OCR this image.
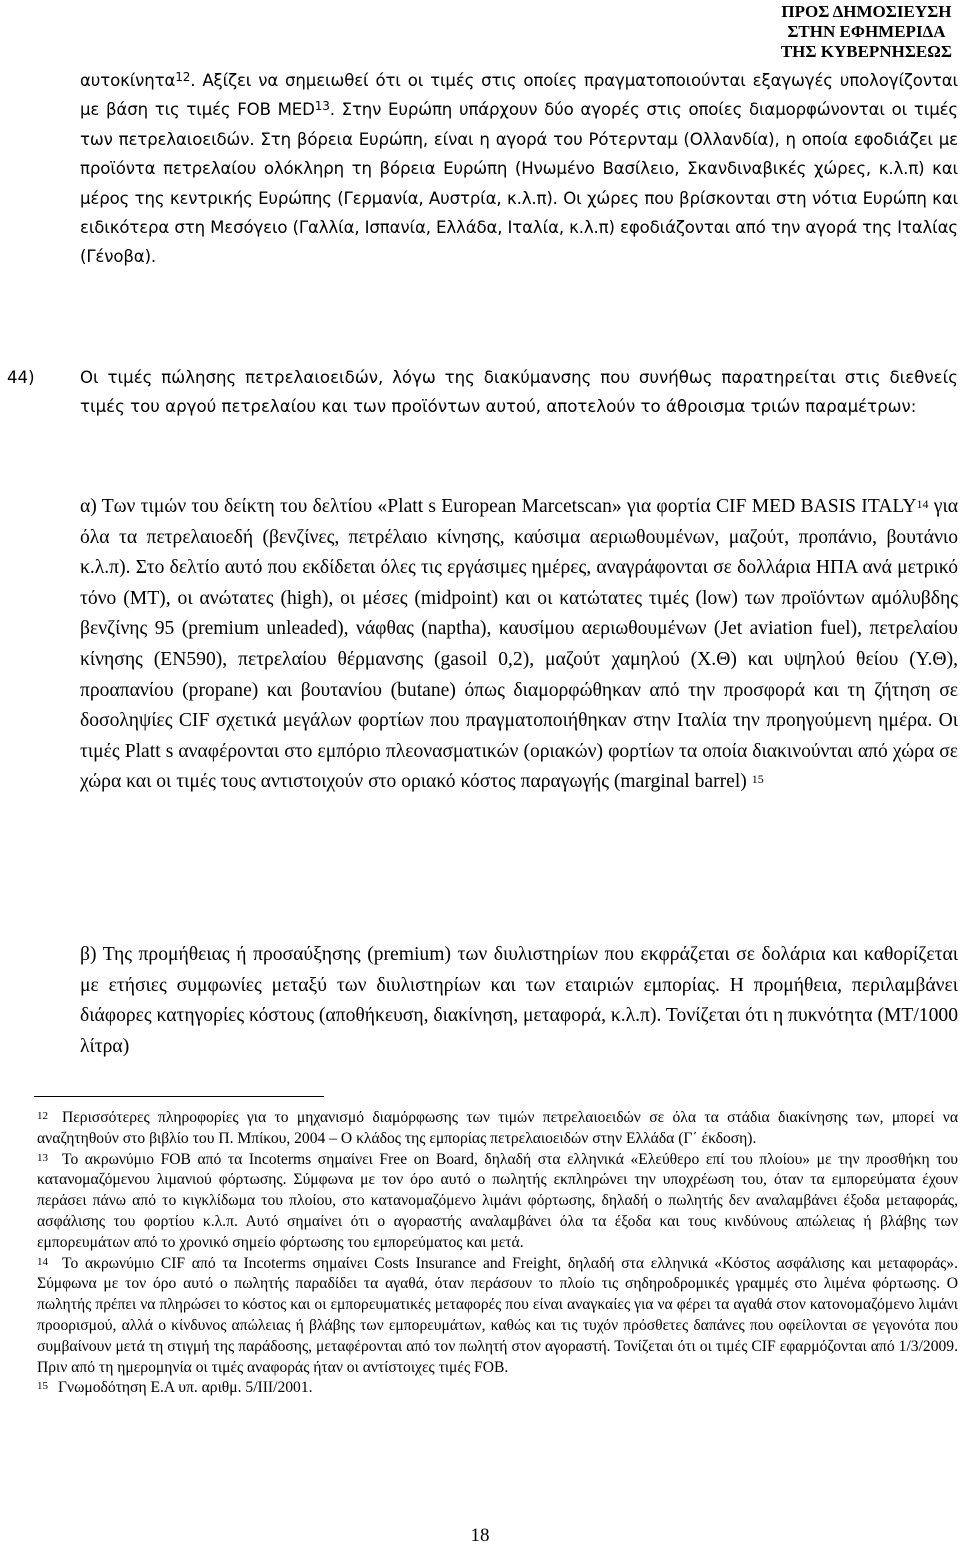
ΠΡΟΣ ΔΗΜΟΣΙΕΥΣΗ
ΣΤΗΝ ΕΦΗΜΕΡΙΔΑ
ΤΗΣ ΚΥΒΕΡΝΗΣΕΩΣ
αυτοκίνητα$^{12}$. Αξίζει να σημειωθεί ότι οι τιμές στις οποίες πραγματοποιούνται εξαγωγές υπολογίζονται με βάση τις τιμές FOB MED$^{13}$. Στην Ευρώπη υπάρχουν δύο αγορές στις οποίες διαμορφώνονται οι τιμές των πετρελαιοειδών. Στη βόρεια Ευρώπη, είναι η αγορά του Ρότερνταμ (Ολλανδία), η οποία εφοδιάζει με προϊόντα πετρελαίου ολόκληρη τη βόρεια Ευρώπη (Ηνωμένο Βασίλειο, Σκανδιναβικές χώρες, κ.λ.π) και μέρος της κεντρικής Ευρώπης (Γερμανία, Αυστρία, κ.λ.π). Οι χώρες που βρίσκονται στη νότια Ευρώπη και ειδικότερα στη Μεσόγειο (Γαλλία, Ισπανία, Ελλάδα, Ιταλία, κ.λ.π) εφοδιάζονται από την αγορά της Ιταλίας (Γένοβα).
44)	Οι τιμές πώλησης πετρελαιοειδών, λόγω της διακύμανσης που συνήθως παρατηρείται στις διεθνείς τιμές του αργού πετρελαίου και των προϊόντων αυτού, αποτελούν το άθροισμα τριών παραμέτρων:
α) Των τιμών του δείκτη του δελτίου «Platt s European Marcetscan» για φορτία CIF MED BASIS ITALY$^{14}$ για όλα τα πετρελαιοεδή (βενζίνες, πετρέλαιο κίνησης, καύσιμα αεριωθουμένων, μαζούτ, προπάνιο, βουτάνιο κ.λ.π). Στο δελτίο αυτό που εκδίδεται όλες τις εργάσιμες ημέρες, αναγράφονται σε δολλάρια ΗΠΑ ανά μετρικό τόνο (ΜΤ), οι ανώτατες (high), οι μέσες (midpoint) και οι κατώτατες τιμές (low) των προϊόντων αμόλυβδης βενζίνης 95 (premium unleaded), νάφθας (naptha), καυσίμου αεριωθουμένων (Jet aviation fuel), πετρελαίου κίνησης (ΕΝ590), πετρελαίου θέρμανσης (gasoil 0,2), μαζούτ χαμηλού (Χ.Θ) και υψηλού θείου (Υ.Θ), προαπανίου (propane) και βουτανίου (butane) όπως διαμορφώθηκαν από την προσφορά και τη ζήτηση σε δοσοληψίες CIF σχετικά μεγάλων φορτίων που πραγματοποιήθηκαν στην Ιταλία την προηγούμενη ημέρα. Οι τιμές Platt s αναφέρονται στο εμπόριο πλεονασματικών (οριακών) φορτίων τα οποία διακινούνται από χώρα σε χώρα και οι τιμές τους αντιστοιχούν στο οριακό κόστος παραγωγής (marginal barrel) $^{15}$
β) Της προμήθειας ή προσαύξησης (premium) των διυλιστηρίων που εκφράζεται σε δολάρια και καθορίζεται με ετήσιες συμφωνίες μεταξύ των διυλιστηρίων και των εταιριών εμπορίας. Η προμήθεια, περιλαμβάνει διάφορες κατηγορίες κόστους (αποθήκευση, διακίνηση, μεταφορά, κ.λ.π). Τονίζεται ότι η πυκνότητα (ΜΤ/1000 λίτρα)
$^{12}$ Περισσότερες πληροφορίες για το μηχανισμό διαμόρφωσης των τιμών πετρελαιοειδών σε όλα τα στάδια διακίνησης των, μπορεί να αναζητηθούν στο βιβλίο του Π. Μπίκου, 2004 – Ο κλάδος της εμπορίας πετρελαιοειδών στην Ελλάδα (Γ΄ έκδοση).
$^{13}$ Το ακρωνύμιο FOB από τα Incoterms σημαίνει Free on Board, δηλαδή στα ελληνικά «Ελεύθερο επί του πλοίου» με την προσθήκη του κατανομαζόμενου λιμανιού φόρτωσης. Σύμφωνα με τον όρο αυτό ο πωλητής εκπληρώνει την υποχρέωση του, όταν τα εμπορεύματα έχουν περάσει πάνω από το κιγκλίδωμα του πλοίου, στο κατανομαζόμενο λιμάνι φόρτωσης, δηλαδή ο πωλητής δεν αναλαμβάνει έξοδα μεταφοράς, ασφάλισης του φορτίου κ.λ.π. Αυτό σημαίνει ότι ο αγοραστής αναλαμβάνει όλα τα έξοδα και τους κινδύνους απώλειας ή βλάβης των εμπορευμάτων από το χρονικό σημείο φόρτωσης του εμπορεύματος και μετά.
$^{14}$ Το ακρωνύμιο CIF από τα Incoterms σημαίνει Costs Insurance and Freight, δηλαδή στα ελληνικά «Κόστος ασφάλισης και μεταφοράς». Σύμφωνα με τον όρο αυτό ο πωλητής παραδίδει τα αγαθά, όταν περάσουν το πλοίο τις σηδηροδρομικές γραμμές στο λιμένα φόρτωσης. Ο πωλητής πρέπει να πληρώσει το κόστος και οι εμπορευματικές μεταφορές που είναι αναγκαίες για να φέρει τα αγαθά στον κατονομαζόμενο λιμάνι προορισμού, αλλά ο κίνδυνος απώλειας ή βλάβης των εμπορευμάτων, καθώς και τις τυχόν πρόσθετες δαπάνες που οφείλονται σε γεγονότα που συμβαίνουν μετά τη στιγμή της παράδοσης, μεταφέρονται από τον πωλητή στον αγοραστή. Τονίζεται ότι οι τιμές CIF εφαρμόζονται από 1/3/2009. Πριν από τη ημερομηνία οι τιμές αναφοράς ήταν οι αντίστοιχες τιμές FOB.
$^{15}$ Γνωμοδότηση Ε.Α υπ. αριθμ. 5/ΙΙΙ/2001.
18
